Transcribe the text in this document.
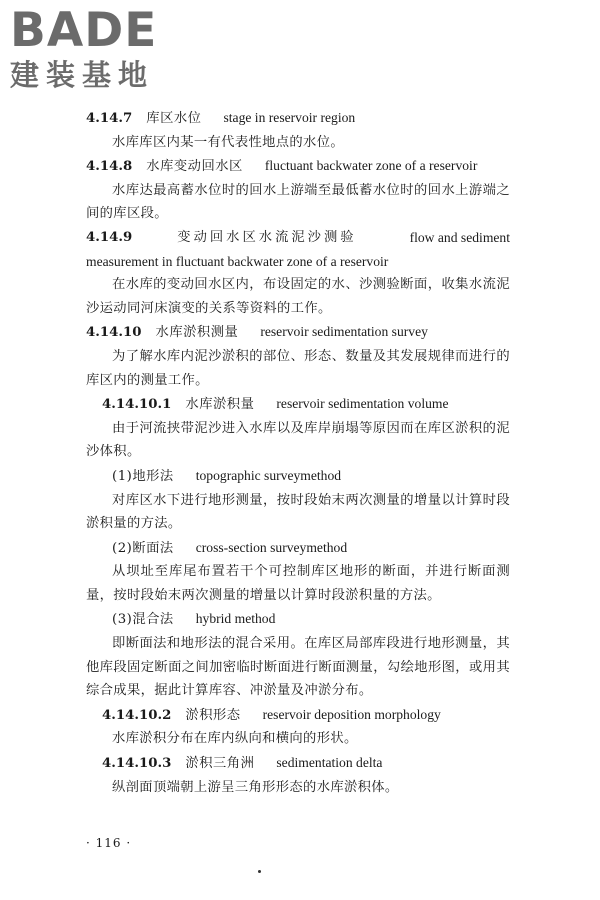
BADE
建装基地
4.14.7 库区水位 stage in reservoir region
水库库区内某一有代表性地点的水位。
4.14.8 水库变动回水区 fluctuant backwater zone of a reservoir
水库达最高蓄水位时的回水上游端至最低蓄水位时的回水上游端之间的库区段。
4.14.9	变动回水区水流泥沙测验	flow and sediment
measurement in fluctuant backwater zone of a reservoir
在水库的变动回水区内，布设固定的水、沙测验断面，收集水流泥沙运动同河床演变的关系等资料的工作。
4.14.10 水库淤积测量 reservoir sedimentation survey
为了解水库内泥沙淤积的部位、形态、数量及其发展规律而进行的库区内的测量工作。
4.14.10.1 水库淤积量 reservoir sedimentation volume
由于河流挟带泥沙进入水库以及库岸崩塌等原因而在库区淤积的泥沙体积。
(1)地形法 topographic surveymethod
对库区水下进行地形测量，按时段始末两次测量的增量以计算时段淤积量的方法。
(2)断面法 cross-section surveymethod
从坝址至库尾布置若干个可控制库区地形的断面，并进行断面测量，按时段始末两次测量的增量以计算时段淤积量的方法。
(3)混合法 hybrid method
即断面法和地形法的混合采用。在库区局部库段进行地形测量，其他库段固定断面之间加密临时断面进行断面测量，勾绘地形图，或用其综合成果，据此计算库容、冲淤量及冲淤分布。
4.14.10.2 淤积形态 reservoir deposition morphology
水库淤积分布在库内纵向和横向的形状。
4.14.10.3 淤积三角洲 sedimentation delta
纵剖面顶端朝上游呈三角形形态的水库淤积体。
· 116 ·
